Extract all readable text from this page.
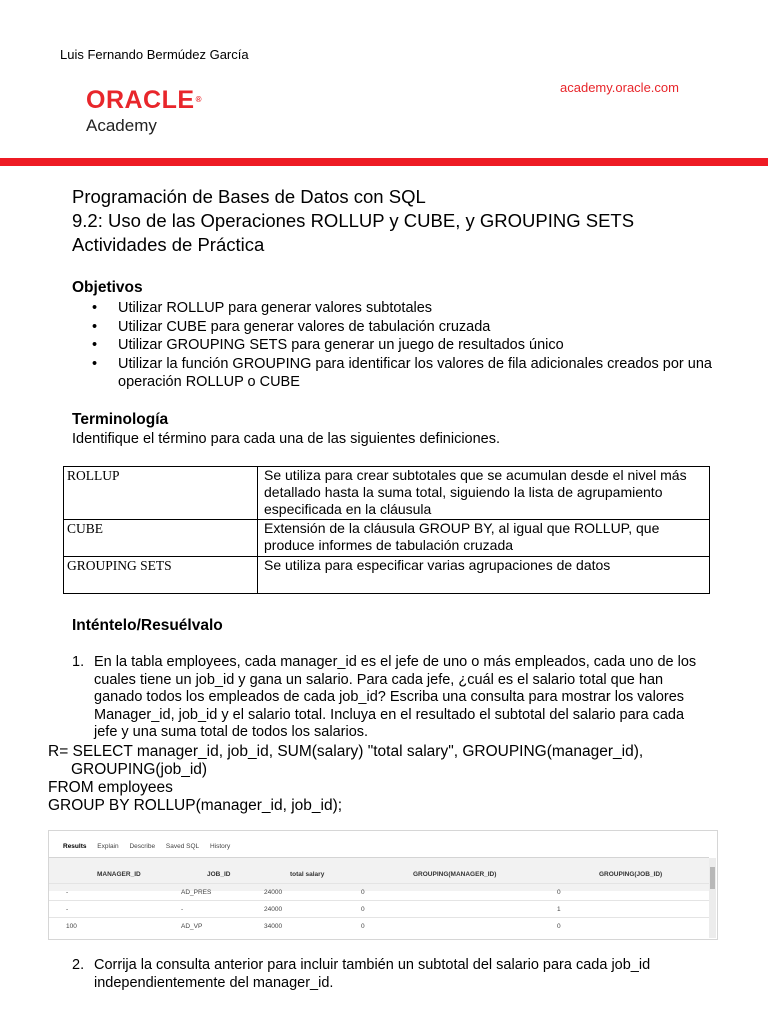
Luis Fernando Bermúdez García
academy.oracle.com
ORACLE®
Academy
Programación de Bases de Datos con SQL
9.2: Uso de las Operaciones ROLLUP y CUBE, y GROUPING SETS
Actividades de Práctica
Objetivos
• Utilizar ROLLUP para generar valores subtotales
• Utilizar CUBE para generar valores de tabulación cruzada
• Utilizar GROUPING SETS para generar un juego de resultados único
• Utilizar la función GROUPING para identificar los valores de fila adicionales creados por una operación ROLLUP o CUBE
Terminología
Identifique el término para cada una de las siguientes definiciones.
ROLLUP	Se utiliza para crear subtotales que se acumulan desde el nivel más detallado hasta la suma total, siguiendo la lista de agrupamiento especificada en la cláusula
CUBE	Extensión de la cláusula GROUP BY, al igual que ROLLUP, que produce informes de tabulación cruzada
GROUPING SETS	Se utiliza para especificar varias agrupaciones de datos
Inténtelo/Resuélvalo
1. En la tabla employees, cada manager_id es el jefe de uno o más empleados, cada uno de los cuales tiene un job_id y gana un salario. Para cada jefe, ¿cuál es el salario total que han ganado todos los empleados de cada job_id? Escriba una consulta para mostrar los valores Manager_id, job_id y el salario total. Incluya en el resultado el subtotal del salario para cada jefe y una suma total de todos los salarios.
R= SELECT manager_id, job_id, SUM(salary) "total salary", GROUPING(manager_id),
GROUPING(job_id)
FROM employees
GROUP BY ROLLUP(manager_id, job_id);
Results Explain Describe Saved SQL History
MANAGER_ID	JOB_ID	total salary	GROUPING(MANAGER_ID)	GROUPING(JOB_ID)
-	AD_PRES	24000	0	0
-	-	24000	0	1
100	AD_VP	34000	0	0
2. Corrija la consulta anterior para incluir también un subtotal del salario para cada job_id independientemente del manager_id.
